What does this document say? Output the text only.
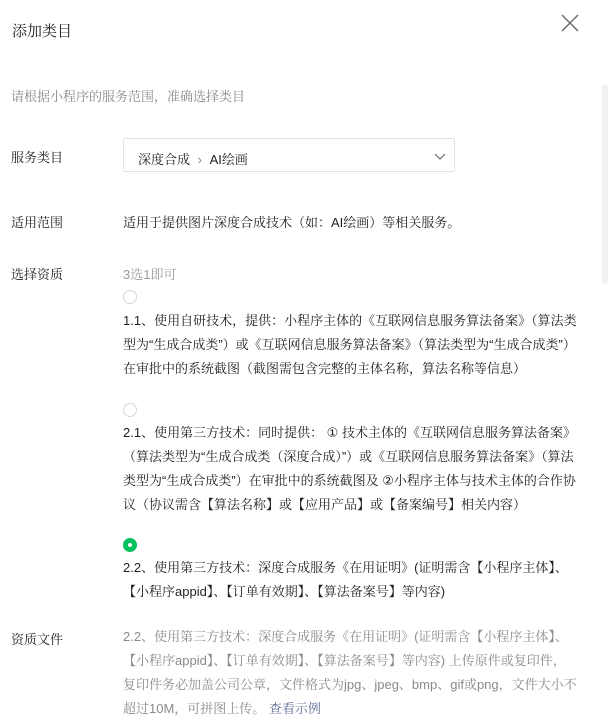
添加类目
请根据小程序的服务范围，准确选择类目
服务类目	深度合成 › AI绘画
适用范围	适用于提供图片深度合成技术（如：AI绘画）等相关服务。
选择资质	3选1即可
1.1、使用自研技术，提供：小程序主体的《互联网信息服务算法备案》（算法类型为“生成合成类”）或《互联网信息服务算法备案》（算法类型为“生成合成类”）在审批中的系统截图（截图需包含完整的主体名称，算法名称等信息）
2.1、使用第三方技术：同时提供： ① 技术主体的《互联网信息服务算法备案》（算法类型为“生成合成类（深度合成）”）或《互联网信息服务算法备案》（算法类型为“生成合成类”）在审批中的系统截图及 ②小程序主体与技术主体的合作协议（协议需含【算法名称】或【应用产品】或【备案编号】相关内容）
2.2、使用第三方技术：深度合成服务《在用证明》(证明需含【小程序主体】、【小程序appid】、【订单有效期】、【算法备案号】等内容)
资质文件	2.2、使用第三方技术：深度合成服务《在用证明》(证明需含【小程序主体】、【小程序appid】、【订单有效期】、【算法备案号】等内容) 上传原件或复印件，复印件务必加盖公司公章，文件格式为jpg、jpeg、bmp、gif或png，文件大小不超过10M，可拼图上传。 查看示例
